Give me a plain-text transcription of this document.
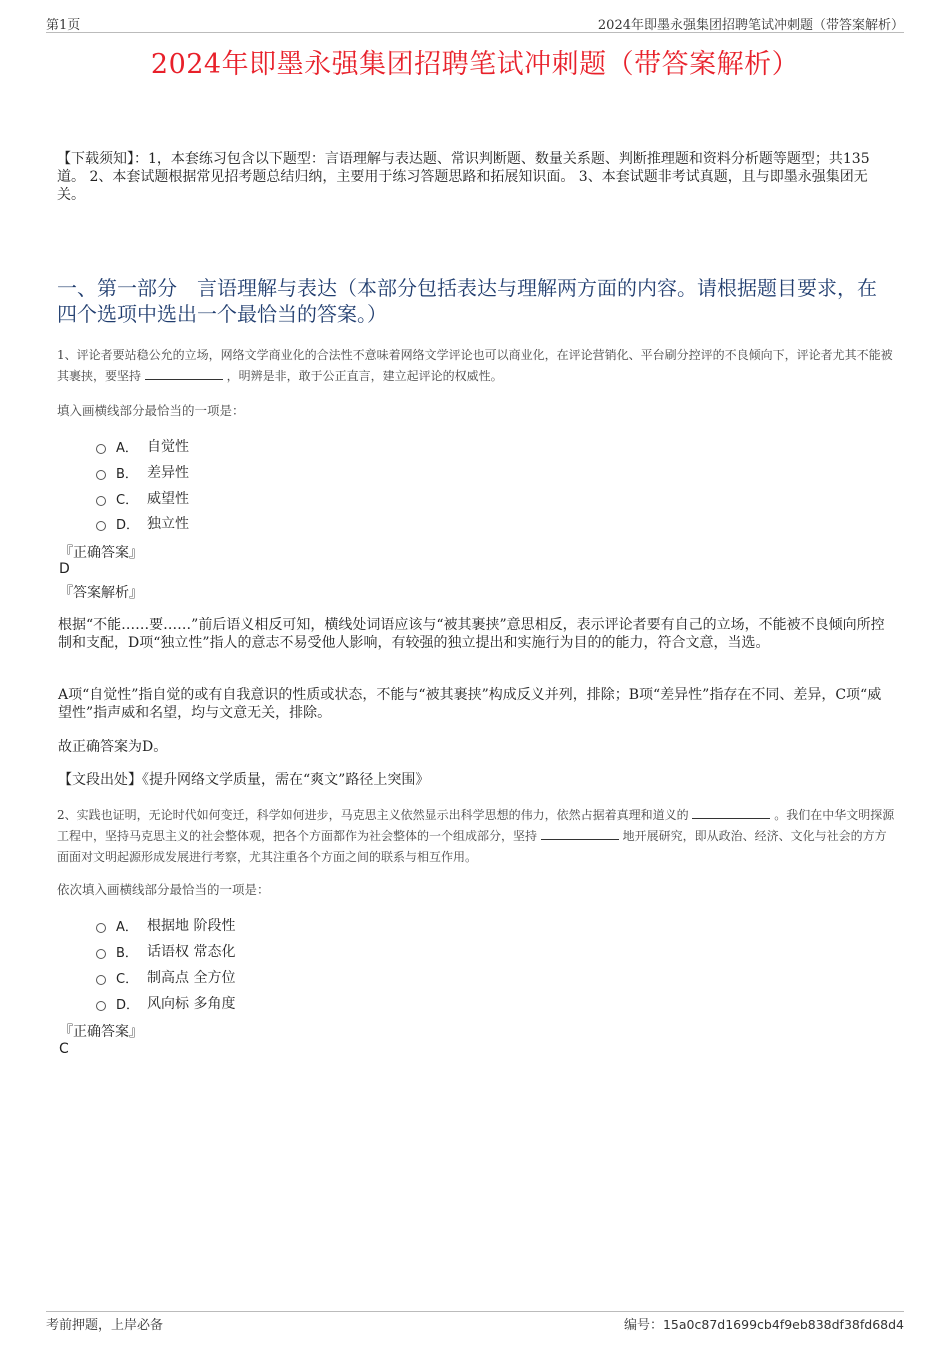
第1页	2024年即墨永强集团招聘笔试冲刺题（带答案解析）
2024年即墨永强集团招聘笔试冲刺题（带答案解析）
【下载须知】：1，本套练习包含以下题型：言语理解与表达题、常识判断题、数量关系题、判断推理题和资料分析题等题型；共135道。 2、本套试题根据常见招考题总结归纳，主要用于练习答题思路和拓展知识面。 3、本套试题非考试真题，且与即墨永强集团无关。
一、第一部分　言语理解与表达（本部分包括表达与理解两方面的内容。请根据题目要求，在四个选项中选出一个最恰当的答案。）
1、评论者要站稳公允的立场，网络文学商业化的合法性不意味着网络文学评论也可以商业化，在评论营销化、平台刷分控评的不良倾向下，评论者尤其不能被其裹挟，要坚持	，明辨是非，敢于公正直言，建立起评论的权威性。
填入画横线部分最恰当的一项是：
A． 自觉性
B． 差异性
C． 威望性
D． 独立性
『正确答案』
D
『答案解析』
根据“不能……要……”前后语义相反可知，横线处词语应该与“被其裹挟”意思相反，表示评论者要有自己的立场，不能被不良倾向所控制和支配，D项“独立性”指人的意志不易受他人影响，有较强的独立提出和实施行为目的的能力，符合文意，当选。
A项“自觉性”指自觉的或有自我意识的性质或状态，不能与“被其裹挟”构成反义并列，排除；B项“差异性”指存在不同、差异，C项“威望性”指声威和名望，均与文意无关，排除。
故正确答案为D。
【文段出处】《提升网络文学质量，需在“爽文”路径上突围》
2、实践也证明，无论时代如何变迁，科学如何进步，马克思主义依然显示出科学思想的伟力，依然占据着真理和道义的	。我们在中华文明探源工程中，坚持马克思主义的社会整体观，把各个方面都作为社会整体的一个组成部分，坚持	地开展研究，即从政治、经济、文化与社会的方方面面对文明起源形成发展进行考察，尤其注重各个方面之间的联系与相互作用。
依次填入画横线部分最恰当的一项是：
A． 根据地 阶段性
B． 话语权 常态化
C． 制高点 全方位
D． 风向标 多角度
『正确答案』
C
考前押题，上岸必备	编号：15a0c87d1699cb4f9eb838df38fd68d4
